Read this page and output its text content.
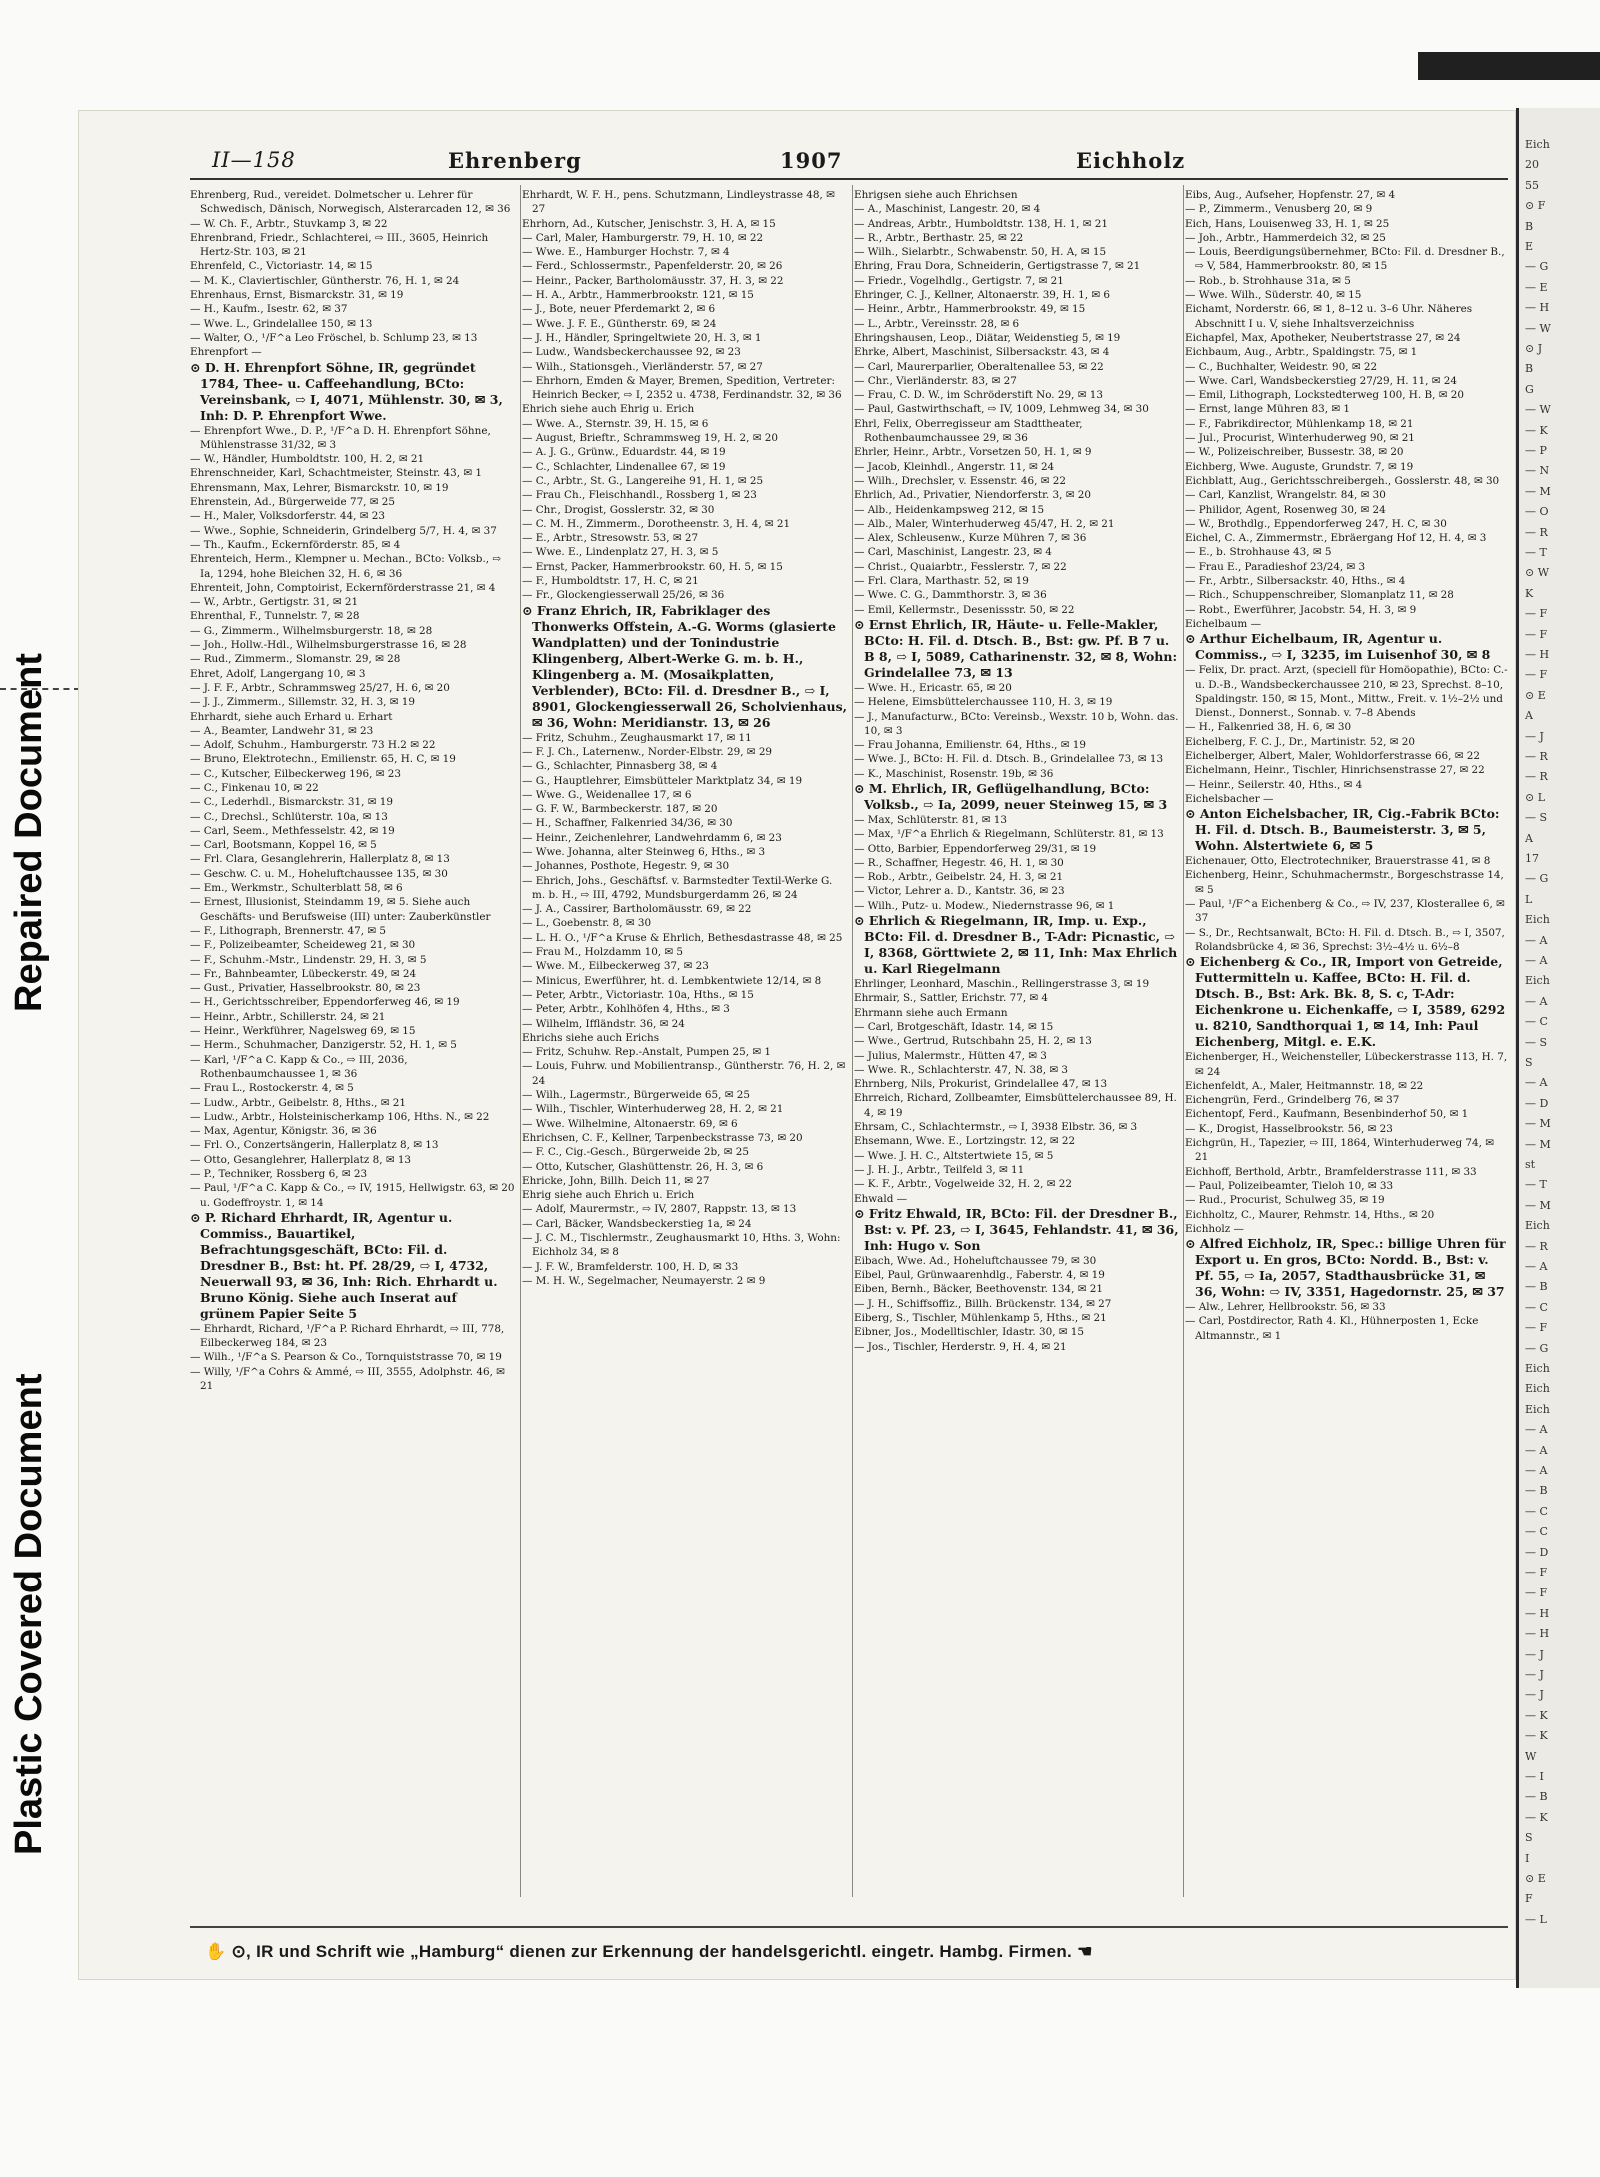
Repaired Document
Plastic Covered Document
Eich
20
55
⊙ F
B
E
— G
— E
— H
— W
⊙ J
B
G
— W
— K
— P
— N
— M
— O
— R
— T
⊙ W
K
— F
— F
— H
— F
⊙ E
A
— J
— R
— R
⊙ L
— S
A
17
— G
L
Eich
— A
— A
Eich
— A
— C
— S
S
— A
— D
— M
— M
st
— T
— M
Eich
— R
— A
— B
— C
— F
— G
Eich
Eich
Eich
— A
— A
— A
— B
— C
— C
— D
— F
— F
— H
— H
— J
— J
— J
— K
— K
W
— I
— B
— K
S
I
⊙ E
F
— L
II—158	Ehrenberg	1907	Eichholz

Ehrenberg, Rud., vereidet. Dolmetscher u. Lehrer für Schwedisch, Dänisch, Norwegisch, Alsterarcaden 12, ✉ 36

— W. Ch. F., Arbtr., Stuvkamp 3, ✉ 22

Ehrenbrand, Friedr., Schlachterei, ⇨ III., 3605, Heinrich Hertz-Str. 103, ✉ 21

Ehrenfeld, C., Victoriastr. 14, ✉ 15

— M. K., Claviertischler, Güntherstr. 76, H. 1, ✉ 24

Ehrenhaus, Ernst, Bismarckstr. 31, ✉ 19

— H., Kaufm., Isestr. 62, ✉ 37

— Wwe. L., Grindelallee 150, ✉ 13

— Walter, O., ¹/F^a Leo Fröschel, b. Schlump 23, ✉ 13

Ehrenpfort —

⊙ D. H. Ehrenpfort Söhne, IR, gegründet 1784, Thee- u. Caffeehandlung, BCto: Vereinsbank, ⇨ I, 4071, Mühlenstr. 30, ✉ 3, Inh: D. P. Ehrenpfort Wwe.

— Ehrenpfort Wwe., D. P., ¹/F^a D. H. Ehrenpfort Söhne, Mühlenstrasse 31/32, ✉ 3

— W., Händler, Humboldtstr. 100, H. 2, ✉ 21

Ehrenschneider, Karl, Schachtmeister, Steinstr. 43, ✉ 1

Ehrensmann, Max, Lehrer, Bismarckstr. 10, ✉ 19

Ehrenstein, Ad., Bürgerweide 77, ✉ 25

— H., Maler, Volksdorferstr. 44, ✉ 23

— Wwe., Sophie, Schneiderin, Grindelberg 5/7, H. 4, ✉ 37

— Th., Kaufm., Eckernförderstr. 85, ✉ 4

Ehrenteich, Herm., Klempner u. Mechan., BCto: Volksb., ⇨ Ia, 1294, hohe Bleichen 32, H. 6, ✉ 36

Ehrenteit, John, Comptoirist, Eckernförderstrasse 21, ✉ 4

— W., Arbtr., Gertigstr. 31, ✉ 21

Ehrenthal, F., Tunnelstr. 7, ✉ 28

— G., Zimmerm., Wilhelmsburgerstr. 18, ✉ 28

— Joh., Hollw.-Hdl., Wilhelmsburgerstrasse 16, ✉ 28

— Rud., Zimmerm., Slomanstr. 29, ✉ 28

Ehret, Adolf, Langergang 10, ✉ 3

— J. F. F., Arbtr., Schrammsweg 25/27, H. 6, ✉ 20

— J. J., Zimmerm., Sillemstr. 32, H. 3, ✉ 19

Ehrhardt, siehe auch Erhard u. Erhart

— A., Beamter, Landwehr 31, ✉ 23

— Adolf, Schuhm., Hamburgerstr. 73 H.2 ✉ 22

— Bruno, Elektrotechn., Emilienstr. 65, H. C, ✉ 19

— C., Kutscher, Eilbeckerweg 196, ✉ 23

— C., Finkenau 10, ✉ 22

— C., Lederhdl., Bismarckstr. 31, ✉ 19

— C., Drechsl., Schlüterstr. 10a, ✉ 13

— Carl, Seem., Methfesselstr. 42, ✉ 19

— Carl, Bootsmann, Koppel 16, ✉ 5

— Frl. Clara, Gesanglehrerin, Hallerplatz 8, ✉ 13

— Geschw. C. u. M., Hoheluftchaussee 135, ✉ 30

— Em., Werkmstr., Schulterblatt 58, ✉ 6

— Ernest, Illusionist, Steindamm 19, ✉ 5. Siehe auch Geschäfts- und Berufsweise (III) unter: Zauberkünstler

— F., Lithograph, Brennerstr. 47, ✉ 5

— F., Polizeibeamter, Scheideweg 21, ✉ 30

— F., Schuhm.-Mstr., Lindenstr. 29, H. 3, ✉ 5

— Fr., Bahnbeamter, Lübeckerstr. 49, ✉ 24

— Gust., Privatier, Hasselbrookstr. 80, ✉ 23

— H., Gerichtsschreiber, Eppendorferweg 46, ✉ 19

— Heinr., Arbtr., Schillerstr. 24, ✉ 21

— Heinr., Werkführer, Nagelsweg 69, ✉ 15

— Herm., Schuhmacher, Danzigerstr. 52, H. 1, ✉ 5

— Karl, ¹/F^a C. Kapp & Co., ⇨ III, 2036, Rothenbaumchaussee 1, ✉ 36

— Frau L., Rostockerstr. 4, ✉ 5

— Ludw., Arbtr., Geibelstr. 8, Hths., ✉ 21

— Ludw., Arbtr., Holsteinischerkamp 106, Hths. N., ✉ 22

— Max, Agentur, Königstr. 36, ✉ 36

— Frl. O., Conzertsängerin, Hallerplatz 8, ✉ 13

— Otto, Gesanglehrer, Hallerplatz 8, ✉ 13

— P., Techniker, Rossberg 6, ✉ 23

— Paul, ¹/F^a C. Kapp & Co., ⇨ IV, 1915, Hellwigstr. 63, ✉ 20 u. Godeffroystr. 1, ✉ 14

⊙ P. Richard Ehrhardt, IR, Agentur u. Commiss., Bauartikel, Befrachtungsgeschäft, BCto: Fil. d. Dresdner B., Bst: ht. Pf. 28/29, ⇨ I, 4732, Neuerwall 93, ✉ 36, Inh: Rich. Ehrhardt u. Bruno König. Siehe auch Inserat auf grünem Papier Seite 5

— Ehrhardt, Richard, ¹/F^a P. Richard Ehrhardt, ⇨ III, 778, Eilbeckerweg 184, ✉ 23

— Wilh., ¹/F^a S. Pearson & Co., Tornquiststrasse 70, ✉ 19

— Willy, ¹/F^a Cohrs & Ammé, ⇨ III, 3555, Adolphstr. 46, ✉ 21

Ehrhardt, W. F. H., pens. Schutzmann, Lindleystrasse 48, ✉ 27

Ehrhorn, Ad., Kutscher, Jenischstr. 3, H. A, ✉ 15

— Carl, Maler, Hamburgerstr. 79, H. 10, ✉ 22

— Wwe. E., Hamburger Hochstr. 7, ✉ 4

— Ferd., Schlossermstr., Papenfelderstr. 20, ✉ 26

— Heinr., Packer, Bartholomäusstr. 37, H. 3, ✉ 22

— H. A., Arbtr., Hammerbrookstr. 121, ✉ 15

— J., Bote, neuer Pferdemarkt 2, ✉ 6

— Wwe. J. F. E., Güntherstr. 69, ✉ 24

— J. H., Händler, Springeltwiete 20, H. 3, ✉ 1

— Ludw., Wandsbeckerchaussee 92, ✉ 23

— Wilh., Stationsgeh., Vierländerstr. 57, ✉ 27

— Ehrhorn, Emden & Mayer, Bremen, Spedition, Vertreter: Heinrich Becker, ⇨ I, 2352 u. 4738, Ferdinandstr. 32, ✉ 36

Ehrich siehe auch Ehrig u. Erich

— Wwe. A., Sternstr. 39, H. 15, ✉ 6

— August, Brieftr., Schrammsweg 19, H. 2, ✉ 20

— A. J. G., Grünw., Eduardstr. 44, ✉ 19

— C., Schlachter, Lindenallee 67, ✉ 19

— C., Arbtr., St. G., Langereihe 91, H. 1, ✉ 25

— Frau Ch., Fleischhandl., Rossberg 1, ✉ 23

— Chr., Drogist, Gosslerstr. 32, ✉ 30

— C. M. H., Zimmerm., Dorotheenstr. 3, H. 4, ✉ 21

— E., Arbtr., Stresowstr. 53, ✉ 27

— Wwe. E., Lindenplatz 27, H. 3, ✉ 5

— Ernst, Packer, Hammerbrookstr. 60, H. 5, ✉ 15

— F., Humboldtstr. 17, H. C, ✉ 21

— Fr., Glockengiesserwall 25/26, ✉ 36

⊙ Franz Ehrich, IR, Fabriklager des Thonwerks Offstein, A.-G. Worms (glasierte Wandplatten) und der Tonindustrie Klingenberg, Albert-Werke G. m. b. H., Klingenberg a. M. (Mosaikplatten, Verblender), BCto: Fil. d. Dresdner B., ⇨ I, 8901, Glockengiesserwall 26, Scholvienhaus, ✉ 36, Wohn: Meridianstr. 13, ✉ 26

— Fritz, Schuhm., Zeughausmarkt 17, ✉ 11

— F. J. Ch., Laternenw., Norder-Elbstr. 29, ✉ 29

— G., Schlachter, Pinnasberg 38, ✉ 4

— G., Hauptlehrer, Eimsbütteler Marktplatz 34, ✉ 19

— Wwe. G., Weidenallee 17, ✉ 6

— G. F. W., Barmbeckerstr. 187, ✉ 20

— H., Schaffner, Falkenried 34/36, ✉ 30

— Heinr., Zeichenlehrer, Landwehrdamm 6, ✉ 23

— Wwe. Johanna, alter Steinweg 6, Hths., ✉ 3

— Johannes, Posthote, Hegestr. 9, ✉ 30

— Ehrich, Johs., Geschäftsf. v. Barmstedter Textil-Werke G. m. b. H., ⇨ III, 4792, Mundsburgerdamm 26, ✉ 24

— J. A., Cassirer, Bartholomäusstr. 69, ✉ 22

— L., Goebenstr. 8, ✉ 30

— L. H. O., ¹/F^a Kruse & Ehrlich, Bethesdastrasse 48, ✉ 25

— Frau M., Holzdamm 10, ✉ 5

— Wwe. M., Eilbeckerweg 37, ✉ 23

— Minicus, Ewerführer, ht. d. Lembkentwiete 12/14, ✉ 8

— Peter, Arbtr., Victoriastr. 10a, Hths., ✉ 15

— Peter, Arbtr., Kohlhöfen 4, Hths., ✉ 3

— Wilhelm, Iffländstr. 36, ✉ 24

Ehrichs siehe auch Erichs

— Fritz, Schuhw. Rep.-Anstalt, Pumpen 25, ✉ 1

— Louis, Fuhrw. und Mobilientransp., Güntherstr. 76, H. 2, ✉ 24

— Wilh., Lagermstr., Bürgerweide 65, ✉ 25

— Wilh., Tischler, Winterhuderweg 28, H. 2, ✉ 21

— Wwe. Wilhelmine, Altonaerstr. 69, ✉ 6

Ehrichsen, C. F., Kellner, Tarpenbeckstrasse 73, ✉ 20

— F. C., Cig.-Gesch., Bürgerweide 2b, ✉ 25

— Otto, Kutscher, Glashüttenstr. 26, H. 3, ✉ 6

Ehricke, John, Billh. Deich 11, ✉ 27

Ehrig siehe auch Ehrich u. Erich

— Adolf, Maurermstr., ⇨ IV, 2807, Rappstr. 13, ✉ 13

— Carl, Bäcker, Wandsbeckerstieg 1a, ✉ 24

— J. C. M., Tischlermstr., Zeughausmarkt 10, Hths. 3, Wohn: Eichholz 34, ✉ 8

— J. F. W., Bramfelderstr. 100, H. D, ✉ 33

— M. H. W., Segelmacher, Neumayerstr. 2 ✉ 9

Ehrigsen siehe auch Ehrichsen

— A., Maschinist, Langestr. 20, ✉ 4

— Andreas, Arbtr., Humboldtstr. 138, H. 1, ✉ 21

— R., Arbtr., Berthastr. 25, ✉ 22

— Wilh., Sielarbtr., Schwabenstr. 50, H. A, ✉ 15

Ehring, Frau Dora, Schneiderin, Gertigstrasse 7, ✉ 21

— Friedr., Vogelhdlg., Gertigstr. 7, ✉ 21

Ehringer, C. J., Kellner, Altonaerstr. 39, H. 1, ✉ 6

— Heinr., Arbtr., Hammerbrookstr. 49, ✉ 15

— L., Arbtr., Vereinsstr. 28, ✉ 6

Ehringshausen, Leop., Diätar, Weidenstieg 5, ✉ 19

Ehrke, Albert, Maschinist, Silbersackstr. 43, ✉ 4

— Carl, Maurerparlier, Oberaltenallee 53, ✉ 22

— Chr., Vierländerstr. 83, ✉ 27

— Frau, C. D. W., im Schröderstift No. 29, ✉ 13

— Paul, Gastwirthschaft, ⇨ IV, 1009, Lehmweg 34, ✉ 30

Ehrl, Felix, Oberregisseur am Stadttheater, Rothenbaumchaussee 29, ✉ 36

Ehrler, Heinr., Arbtr., Vorsetzen 50, H. 1, ✉ 9

— Jacob, Kleinhdl., Angerstr. 11, ✉ 24

— Wilh., Drechsler, v. Essenstr. 46, ✉ 22

Ehrlich, Ad., Privatier, Niendorferstr. 3, ✉ 20

— Alb., Heidenkampsweg 212, ✉ 15

— Alb., Maler, Winterhuderweg 45/47, H. 2, ✉ 21

— Alex, Schleusenw., Kurze Mühren 7, ✉ 36

— Carl, Maschinist, Langestr. 23, ✉ 4

— Christ., Quaiarbtr., Fesslerstr. 7, ✉ 22

— Frl. Clara, Marthastr. 52, ✉ 19

— Wwe. C. G., Dammthorstr. 3, ✉ 36

— Emil, Kellermstr., Desenissstr. 50, ✉ 22

⊙ Ernst Ehrlich, IR, Häute- u. Felle-Makler, BCto: H. Fil. d. Dtsch. B., Bst: gw. Pf. B 7 u. B 8, ⇨ I, 5089, Catharinenstr. 32, ✉ 8, Wohn: Grindelallee 73, ✉ 13

— Wwe. H., Ericastr. 65, ✉ 20

— Helene, Eimsbüttelerchaussee 110, H. 3, ✉ 19

— J., Manufacturw., BCto: Vereinsb., Wexstr. 10 b, Wohn. das. 10, ✉ 3

— Frau Johanna, Emilienstr. 64, Hths., ✉ 19

— Wwe. J., BCto: H. Fil. d. Dtsch. B., Grindelallee 73, ✉ 13

— K., Maschinist, Rosenstr. 19b, ✉ 36

⊙ M. Ehrlich, IR, Geflügelhandlung, BCto: Volksb., ⇨ Ia, 2099, neuer Steinweg 15, ✉ 3

— Max, Schlüterstr. 81, ✉ 13

— Max, ¹/F^a Ehrlich & Riegelmann, Schlüterstr. 81, ✉ 13

— Otto, Barbier, Eppendorferweg 29/31, ✉ 19

— R., Schaffner, Hegestr. 46, H. 1, ✉ 30

— Rob., Arbtr., Geibelstr. 24, H. 3, ✉ 21

— Victor, Lehrer a. D., Kantstr. 36, ✉ 23

— Wilh., Putz- u. Modew., Niedernstrasse 96, ✉ 1

⊙ Ehrlich & Riegelmann, IR, Imp. u. Exp., BCto: Fil. d. Dresdner B., T-Adr: Picnastic, ⇨ I, 8368, Görttwiete 2, ✉ 11, Inh: Max Ehrlich u. Karl Riegelmann

Ehrlinger, Leonhard, Maschin., Rellingerstrasse 3, ✉ 19

Ehrmair, S., Sattler, Erichstr. 77, ✉ 4

Ehrmann siehe auch Ermann

— Carl, Brotgeschäft, Idastr. 14, ✉ 15

— Wwe., Gertrud, Rutschbahn 25, H. 2, ✉ 13

— Julius, Malermstr., Hütten 47, ✉ 3

— Wwe. R., Schlachterstr. 47, N. 38, ✉ 3

Ehrnberg, Nils, Prokurist, Grindelallee 47, ✉ 13

Ehrreich, Richard, Zollbeamter, Eimsbüttelerchaussee 89, H. 4, ✉ 19

Ehrsam, C., Schlachtermstr., ⇨ I, 3938 Elbstr. 36, ✉ 3

Ehsemann, Wwe. E., Lortzingstr. 12, ✉ 22

— Wwe. J. H. C., Altstertwiete 15, ✉ 5

— J. H. J., Arbtr., Teilfeld 3, ✉ 11

— K. F., Arbtr., Vogelweide 32, H. 2, ✉ 22

Ehwald —

⊙ Fritz Ehwald, IR, BCto: Fil. der Dresdner B., Bst: v. Pf. 23, ⇨ I, 3645, Fehlandstr. 41, ✉ 36, Inh: Hugo v. Son

Eibach, Wwe. Ad., Hoheluftchaussee 79, ✉ 30

Eibel, Paul, Grünwaarenhdlg., Faberstr. 4, ✉ 19

Eiben, Bernh., Bäcker, Beethovenstr. 134, ✉ 21

— J. H., Schiffsoffiz., Billh. Brückenstr. 134, ✉ 27

Eiberg, S., Tischler, Mühlenkamp 5, Hths., ✉ 21

Eibner, Jos., Modelltischler, Idastr. 30, ✉ 15

— Jos., Tischler, Herderstr. 9, H. 4, ✉ 21

Eibs, Aug., Aufseher, Hopfenstr. 27, ✉ 4

— P., Zimmerm., Venusberg 20, ✉ 9

Eich, Hans, Louisenweg 33, H. 1, ✉ 25

— Joh., Arbtr., Hammerdeich 32, ✉ 25

— Louis, Beerdigungsübernehmer, BCto: Fil. d. Dresdner B., ⇨ V, 584, Hammerbrookstr. 80, ✉ 15

— Rob., b. Strohhause 31a, ✉ 5

— Wwe. Wilh., Süderstr. 40, ✉ 15

Eichamt, Norderstr. 66, ✉ 1, 8–12 u. 3–6 Uhr. Näheres Abschnitt I u. V, siehe Inhaltsverzeichniss

Eichapfel, Max, Apotheker, Neubertstrasse 27, ✉ 24

Eichbaum, Aug., Arbtr., Spaldingstr. 75, ✉ 1

— C., Buchhalter, Weidestr. 90, ✉ 22

— Wwe. Carl, Wandsbeckerstieg 27/29, H. 11, ✉ 24

— Emil, Lithograph, Lockstedterweg 100, H. B, ✉ 20

— Ernst, lange Mühren 83, ✉ 1

— F., Fabrikdirector, Mühlenkamp 18, ✉ 21

— Jul., Procurist, Winterhuderweg 90, ✉ 21

— W., Polizeischreiber, Bussestr. 38, ✉ 20

Eichberg, Wwe. Auguste, Grundstr. 7, ✉ 19

Eichblatt, Aug., Gerichtsschreibergeh., Gosslerstr. 48, ✉ 30

— Carl, Kanzlist, Wrangelstr. 84, ✉ 30

— Philidor, Agent, Rosenweg 30, ✉ 24

— W., Brothdlg., Eppendorferweg 247, H. C, ✉ 30

Eichel, C. A., Zimmermstr., Ebräergang Hof 12, H. 4, ✉ 3

— E., b. Strohhause 43, ✉ 5

— Frau E., Paradieshof 23/24, ✉ 3

— Fr., Arbtr., Silbersackstr. 40, Hths., ✉ 4

— Rich., Schuppenschreiber, Slomanplatz 11, ✉ 28

— Robt., Ewerführer, Jacobstr. 54, H. 3, ✉ 9

Eichelbaum —

⊙ Arthur Eichelbaum, IR, Agentur u. Commiss., ⇨ I, 3235, im Luisenhof 30, ✉ 8

— Felix, Dr. pract. Arzt, (speciell für Homöopathie), BCto: C.- u. D.-B., Wandsbeckerchaussee 210, ✉ 23, Sprechst. 8–10, Spaldingstr. 150, ✉ 15, Mont., Mittw., Freit. v. 1½–2½ und Dienst., Donnerst., Sonnab. v. 7–8 Abends

— H., Falkenried 38, H. 6, ✉ 30

Eichelberg, F. C. J., Dr., Martinistr. 52, ✉ 20

Eichelberger, Albert, Maler, Wohldorferstrasse 66, ✉ 22

Eichelmann, Heinr., Tischler, Hinrichsenstrasse 27, ✉ 22

— Heinr., Seilerstr. 40, Hths., ✉ 4

Eichelsbacher —

⊙ Anton Eichelsbacher, IR, Cig.-Fabrik BCto: H. Fil. d. Dtsch. B., Baumeisterstr. 3, ✉ 5, Wohn. Alstertwiete 6, ✉ 5

Eichenauer, Otto, Electrotechniker, Brauerstrasse 41, ✉ 8

Eichenberg, Heinr., Schuhmachermstr., Borgeschstrasse 14, ✉ 5

— Paul, ¹/F^a Eichenberg & Co., ⇨ IV, 237, Klosterallee 6, ✉ 37

— S., Dr., Rechtsanwalt, BCto: H. Fil. d. Dtsch. B., ⇨ I, 3507, Rolandsbrücke 4, ✉ 36, Sprechst: 3½–4½ u. 6½–8

⊙ Eichenberg & Co., IR, Import von Getreide, Futtermitteln u. Kaffee, BCto: H. Fil. d. Dtsch. B., Bst: Ark. Bk. 8, S. c, T-Adr: Eichenkrone u. Eichenkaffe, ⇨ I, 3589, 6292 u. 8210, Sandthorquai 1, ✉ 14, Inh: Paul Eichenberg, Mitgl. e. E.K.

Eichenberger, H., Weichensteller, Lübeckerstrasse 113, H. 7, ✉ 24

Eichenfeldt, A., Maler, Heitmannstr. 18, ✉ 22

Eichengrün, Ferd., Grindelberg 76, ✉ 37

Eichentopf, Ferd., Kaufmann, Besenbinderhof 50, ✉ 1

— K., Drogist, Hasselbrookstr. 56, ✉ 23

Eichgrün, H., Tapezier, ⇨ III, 1864, Winterhuderweg 74, ✉ 21

Eichhoff, Berthold, Arbtr., Bramfelderstrasse 111, ✉ 33

— Paul, Polizeibeamter, Tieloh 10, ✉ 33

— Rud., Procurist, Schulweg 35, ✉ 19

Eichholtz, C., Maurer, Rehmstr. 14, Hths., ✉ 20

Eichholz —

⊙ Alfred Eichholz, IR, Spec.: billige Uhren für Export u. En gros, BCto: Nordd. B., Bst: v. Pf. 55, ⇨ Ia, 2057, Stadthausbrücke 31, ✉ 36, Wohn: ⇨ IV, 3351, Hagedornstr. 25, ✉ 37

— Alw., Lehrer, Hellbrookstr. 56, ✉ 33

— Carl, Postdirector, Rath 4. Kl., Hühnerposten 1, Ecke Altmannstr., ✉ 1

✋ ⊙, IR und Schrift wie „Hamburg“ dienen zur Erkennung der handelsgerichtl. eingetr. Hambg. Firmen. ☚
